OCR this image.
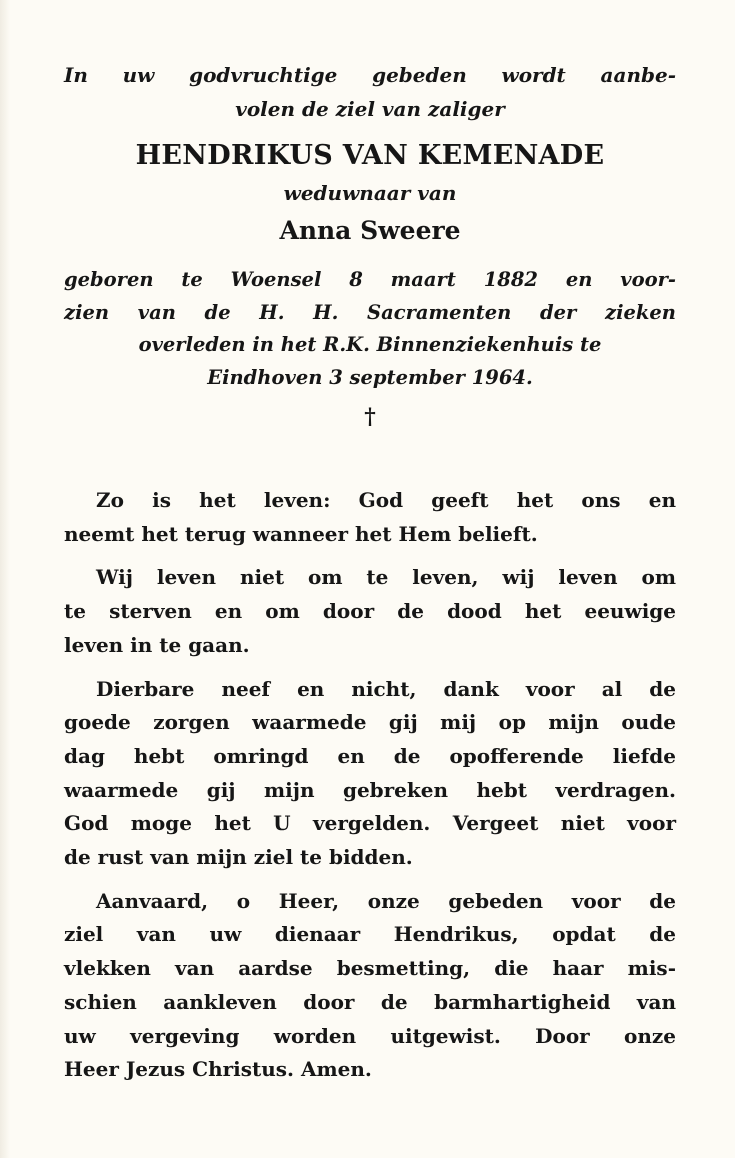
In uw godvruchtige gebeden wordt aanbe-
volen de ziel van zaliger

HENDRIKUS VAN KEMENADE
weduwnaar van
Anna Sweere

geboren te Woensel 8 maart 1882 en voor-
zien van de H. H. Sacramenten der zieken
overleden in het R.K. Binnenziekenhuis te
Eindhoven 3 september 1964.

†

Zo is het leven: God geeft het ons en
neemt het terug wanneer het Hem belieft.

Wij leven niet om te leven, wij leven om
te sterven en om door de dood het eeuwige
leven in te gaan.

Dierbare neef en nicht, dank voor al de
goede zorgen waarmede gij mij op mijn oude
dag hebt omringd en de opofferende liefde
waarmede gij mijn gebreken hebt verdragen.
God moge het U vergelden. Vergeet niet voor
de rust van mijn ziel te bidden.

Aanvaard, o Heer, onze gebeden voor de
ziel van uw dienaar Hendrikus, opdat de
vlekken van aardse besmetting, die haar mis-
schien aankleven door de barmhartigheid van
uw vergeving worden uitgewist. Door onze
Heer Jezus Christus. Amen.
